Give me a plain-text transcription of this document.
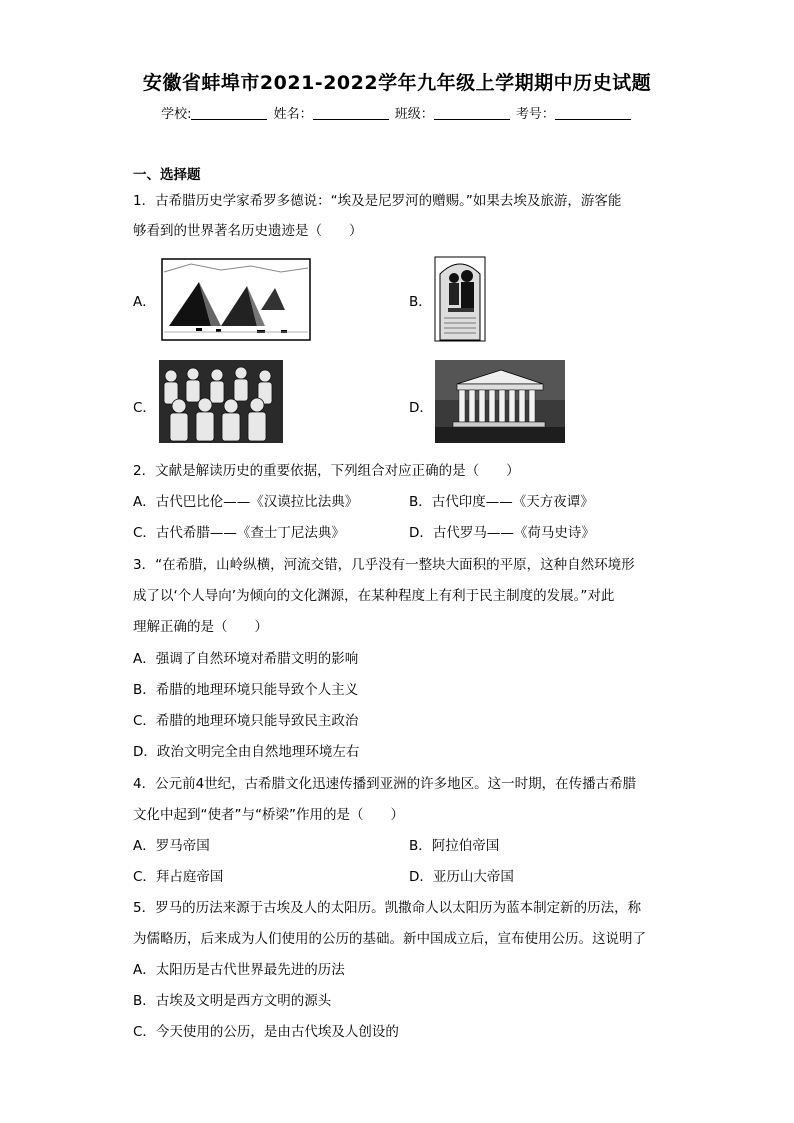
安徽省蚌埠市2021-2022学年九年级上学期期中历史试题
学校:	姓名：	班级：	考号：
一、选择题
1．古希腊历史学家希罗多德说：“埃及是尼罗河的赠赐。”如果去埃及旅游，游客能
够看到的世界著名历史遗迹是（　　）
A．	B．
C．	D．
2．文献是解读历史的重要依据，下列组合对应正确的是（　　）
A．古代巴比伦——《汉谟拉比法典》	B．古代印度——《天方夜谭》
C．古代希腊——《查士丁尼法典》	D．古代罗马——《荷马史诗》
3．“在希腊，山岭纵横，河流交错，几乎没有一整块大面积的平原，这种自然环境形
成了以‘个人导向’为倾向的文化渊源，在某种程度上有利于民主制度的发展。”对此
理解正确的是（　　）
A．强调了自然环境对希腊文明的影响
B．希腊的地理环境只能导致个人主义
C．希腊的地理环境只能导致民主政治
D．政治文明完全由自然地理环境左右
4．公元前4世纪，古希腊文化迅速传播到亚洲的许多地区。这一时期，在传播古希腊
文化中起到“使者”与“桥梁”作用的是（　　）
A．罗马帝国	B．阿拉伯帝国
C．拜占庭帝国	D．亚历山大帝国
5．罗马的历法来源于古埃及人的太阳历。凯撒命人以太阳历为蓝本制定新的历法，称
为儒略历，后来成为人们使用的公历的基础。新中国成立后，宣布使用公历。这说明了
A．太阳历是古代世界最先进的历法
B．古埃及文明是西方文明的源头
C．今天使用的公历，是由古代埃及人创设的
